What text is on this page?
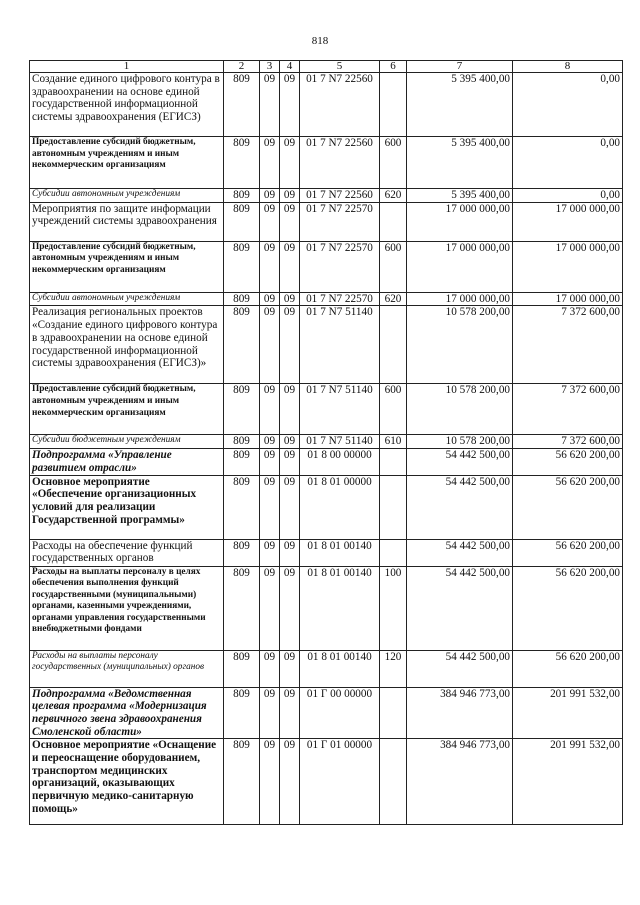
818
1	2	3	4	5	6	7	8
Создание единого цифрового контура в здравоохранении на основе единой государственной информационной системы здравоохранения (ЕГИСЗ)	809	09	09	01 7 N7 22560		5 395 400,00	0,00
Предоставление субсидий бюджетным, автономным учреждениям и иным некоммерческим организациям	809	09	09	01 7 N7 22560	600	5 395 400,00	0,00
Субсидии автономным учреждениям	809	09	09	01 7 N7 22560	620	5 395 400,00	0,00
Мероприятия по защите информации учреждений системы здравоохранения	809	09	09	01 7 N7 22570		17 000 000,00	17 000 000,00
Предоставление субсидий бюджетным, автономным учреждениям и иным некоммерческим организациям	809	09	09	01 7 N7 22570	600	17 000 000,00	17 000 000,00
Субсидии автономным учреждениям	809	09	09	01 7 N7 22570	620	17 000 000,00	17 000 000,00
Реализация региональных проектов «Создание единого цифрового контура в здравоохранении на основе единой государственной информационной системы здравоохранения (ЕГИСЗ)»	809	09	09	01 7 N7 51140		10 578 200,00	7 372 600,00
Предоставление субсидий бюджетным, автономным учреждениям и иным некоммерческим организациям	809	09	09	01 7 N7 51140	600	10 578 200,00	7 372 600,00
Субсидии бюджетным учреждениям	809	09	09	01 7 N7 51140	610	10 578 200,00	7 372 600,00
Подпрограмма «Управление развитием отрасли»	809	09	09	01 8 00 00000		54 442 500,00	56 620 200,00
Основное мероприятие «Обеспечение организационных условий для реализации Государственной программы»	809	09	09	01 8 01 00000		54 442 500,00	56 620 200,00
Расходы на обеспечение функций государственных органов	809	09	09	01 8 01 00140		54 442 500,00	56 620 200,00
Расходы на выплаты персоналу в целях обеспечения выполнения функций государственными (муниципальными) органами, казенными учреждениями, органами управления государственными внебюджетными фондами	809	09	09	01 8 01 00140	100	54 442 500,00	56 620 200,00
Расходы на выплаты персоналу государственных (муниципальных) органов	809	09	09	01 8 01 00140	120	54 442 500,00	56 620 200,00
Подпрограмма «Ведомственная целевая программа «Модернизация первичного звена здравоохранения Смоленской области»	809	09	09	01 Г 00 00000		384 946 773,00	201 991 532,00
Основное мероприятие «Оснащение и переоснащение оборудованием, транспортом медицинских организаций, оказывающих первичную медико-санитарную помощь»	809	09	09	01 Г 01 00000		384 946 773,00	201 991 532,00
